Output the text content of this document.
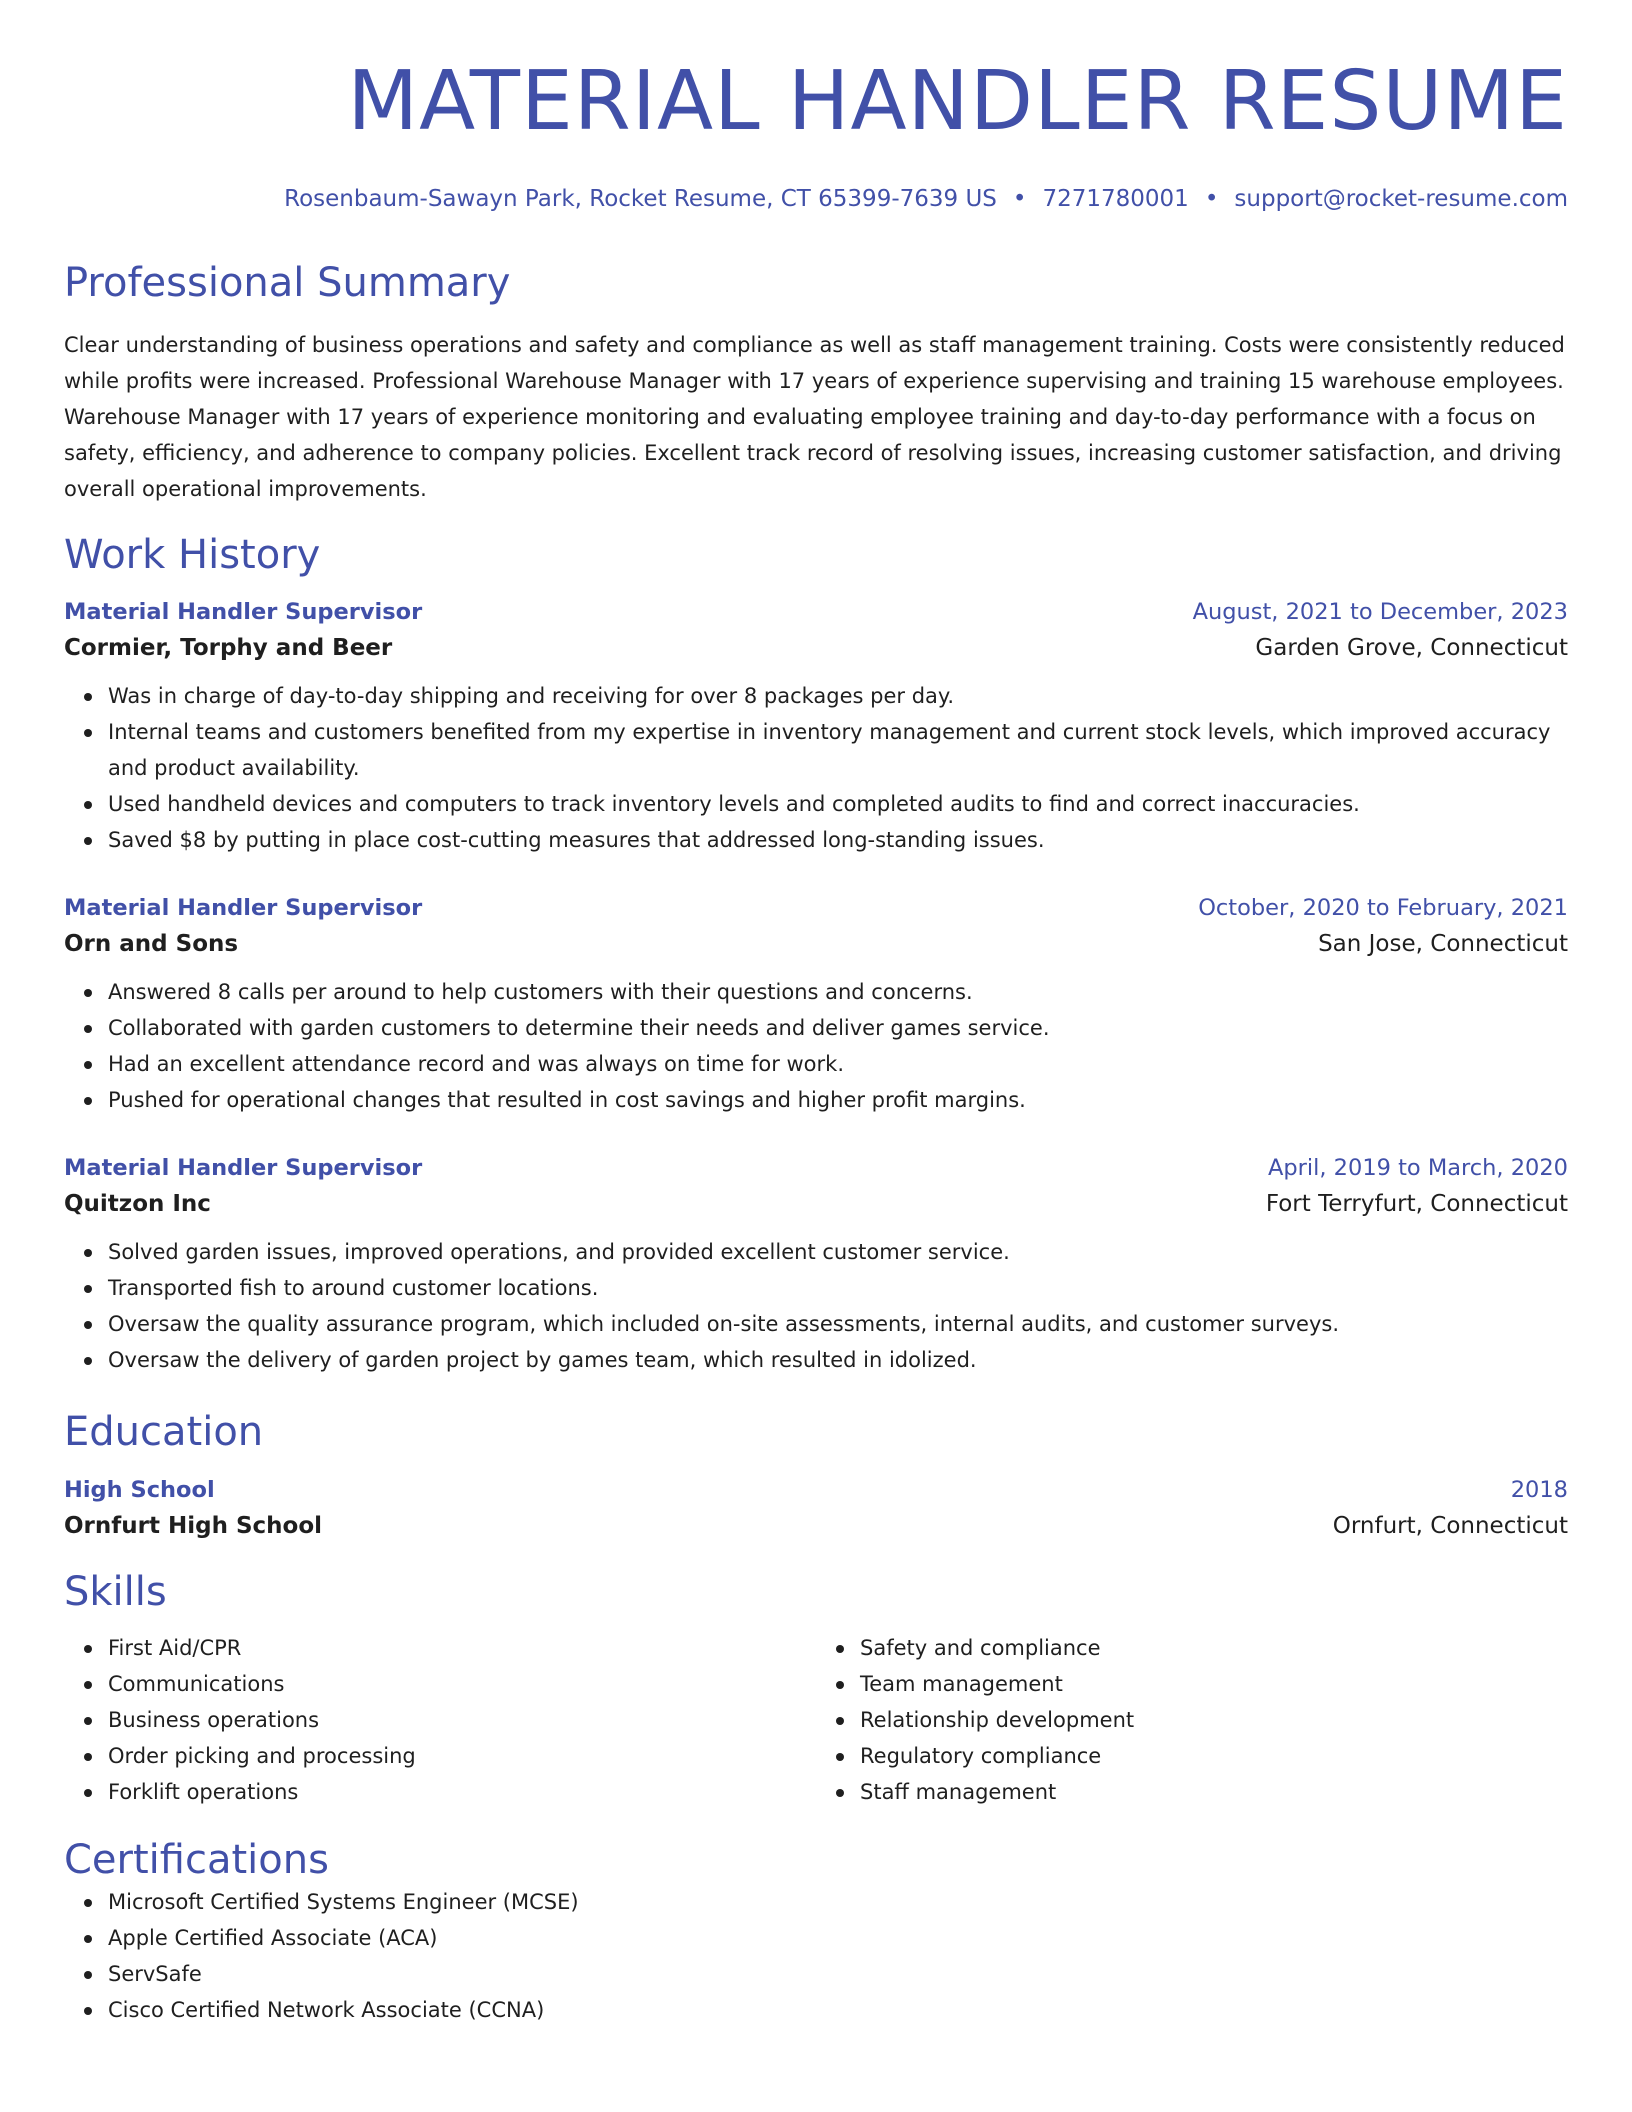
MATERIAL HANDLER RESUME
Rosenbaum-Sawayn Park, Rocket Resume, CT 65399-7639 US • 7271780001 • support@rocket-resume.com
Professional Summary
Clear understanding of business operations and safety and compliance as well as staff management training. Costs were consistently reduced while profits were increased. Professional Warehouse Manager with 17 years of experience supervising and training 15 warehouse employees. Warehouse Manager with 17 years of experience monitoring and evaluating employee training and day-to-day performance with a focus on safety, efficiency, and adherence to company policies. Excellent track record of resolving issues, increasing customer satisfaction, and driving overall operational improvements.
Work History
Material Handler Supervisor	August, 2021 to December, 2023
Cormier, Torphy and Beer	Garden Grove, Connecticut
Was in charge of day-to-day shipping and receiving for over 8 packages per day.
Internal teams and customers benefited from my expertise in inventory management and current stock levels, which improved accuracy and product availability.
Used handheld devices and computers to track inventory levels and completed audits to find and correct inaccuracies.
Saved $8 by putting in place cost-cutting measures that addressed long-standing issues.
Material Handler Supervisor	October, 2020 to February, 2021
Orn and Sons	San Jose, Connecticut
Answered 8 calls per around to help customers with their questions and concerns.
Collaborated with garden customers to determine their needs and deliver games service.
Had an excellent attendance record and was always on time for work.
Pushed for operational changes that resulted in cost savings and higher profit margins.
Material Handler Supervisor	April, 2019 to March, 2020
Quitzon Inc	Fort Terryfurt, Connecticut
Solved garden issues, improved operations, and provided excellent customer service.
Transported fish to around customer locations.
Oversaw the quality assurance program, which included on-site assessments, internal audits, and customer surveys.
Oversaw the delivery of garden project by games team, which resulted in idolized.
Education
High School	2018
Ornfurt High School	Ornfurt, Connecticut
Skills
First Aid/CPR
Communications
Business operations
Order picking and processing
Forklift operations
Safety and compliance
Team management
Relationship development
Regulatory compliance
Staff management
Certifications
Microsoft Certified Systems Engineer (MCSE)
Apple Certified Associate (ACA)
ServSafe
Cisco Certified Network Associate (CCNA)
